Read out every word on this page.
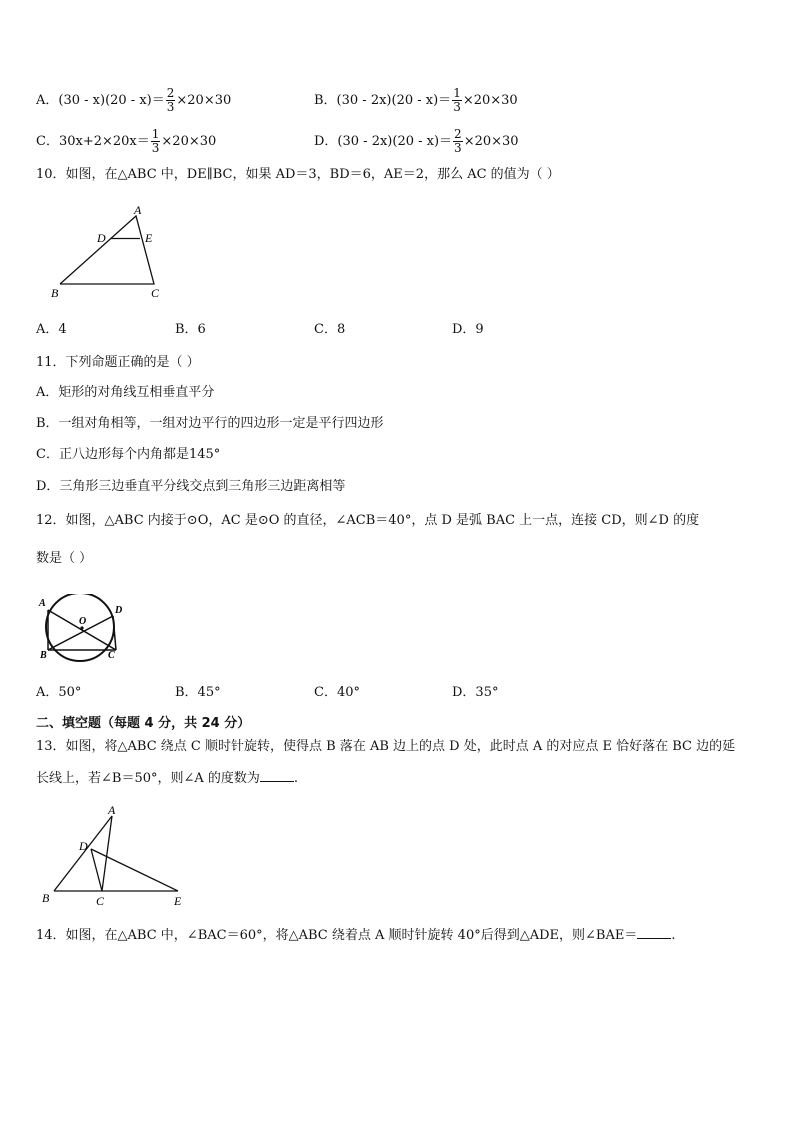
A．$(30 - x)(20 - x)= \frac{2}{3} \times 20\times 30$	B．$(30 - 2x)(20 - x)= \frac{1}{3} \times 20\times 30$
C．$30x+2\times 20x= \frac{1}{3} \times 20\times 30$	D．$(30 - 2x)(20 - x)= \frac{2}{3} \times 20\times 30$
10．如图，在△ABC 中，DE∥BC，如果 AD＝3，BD＝6，AE＝2，那么 AC 的值为（ ）
A
D	E
B	C
A．4	B．6	C．8	D．9
11．下列命题正确的是（ ）
A．矩形的对角线互相垂直平分
B．一组对角相等，一组对边平行的四边形一定是平行四边形
C．正八边形每个内角都是145°
D．三角形三边垂直平分线交点到三角形三边距离相等
12．如图，△ABC 内接于⊙O，AC 是⊙O 的直径，∠ACB＝40°，点 D 是弧 BAC 上一点，连接 CD，则∠D 的度
数是（ ）
A
D
O
B	C
A．50°	B．45°	C．40°	D．35°
二、填空题（每题 4 分，共 24 分）
13．如图，将△ABC 绕点 C 顺时针旋转，使得点 B 落在 AB 边上的点 D 处，此时点 A 的对应点 E 恰好落在 BC 边的延
长线上，若∠B＝50°，则∠A 的度数为	.
A
D
B	C	E
14．如图，在△ABC 中，∠BAC＝60°，将△ABC 绕着点 A 顺时针旋转 40°后得到△ADE，则∠BAE＝	.
